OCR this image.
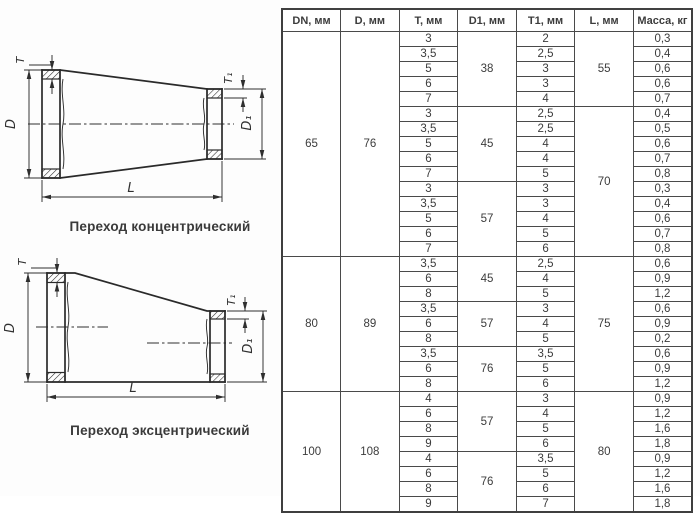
T
T₁
D	D₁
L
Переход концентрический
T
T₁
D
D₁
L
Переход эксцентрический
DN, мм	D, мм	T, мм	D1, мм	T1, мм	L, мм	Масса, кг
65	76	3	38	2	55	0,3
		3,5		2,5		0,4
		5		3		0,6
		6		3		0,6
		7		4		0,7
		3	45	2,5	70	0,4
		3,5		2,5		0,5
		5		4		0,6
		6		4		0,7
		7		5		0,8
		3	57	3		0,3
		3,5		3		0,4
		5		4		0,6
		6		5		0,7
		7		6		0,8
80	89	3,5	45	2,5	75	0,6
		6		4		0,9
		8		5		1,2
		3,5	57	3		0,6
		6		4		0,9
		8		5		0,2
		3,5	76	3,5		0,6
		6		5		0,9
		8		6		1,2
100	108	4	57	3	80	0,9
		6		4		1,2
		8		5		1,6
		9		6		1,8
		4	76	3,5		0,9
		6		5		1,2
		8		6		1,6
		9		7		1,8
